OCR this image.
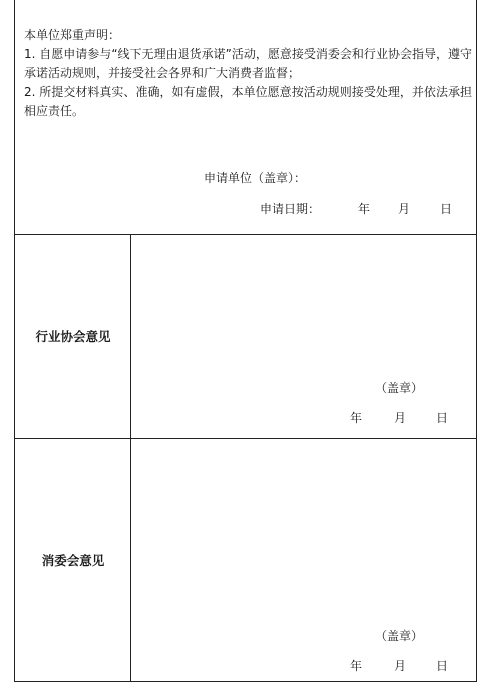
本单位郑重声明：

1. 自愿申请参与“线下无理由退货承诺”活动，愿意接受消委会和行业协会指导，遵守承诺活动规则，并接受社会各界和广大消费者监督；

2. 所提交材料真实、准确，如有虚假，本单位愿意按活动规则接受处理，并依法承担相应责任。

申请单位（盖章）：
申请日期：	年 月	日
行业协会意见
（盖章）
年	月 日
消委会意见
（盖章）
年	月 日
